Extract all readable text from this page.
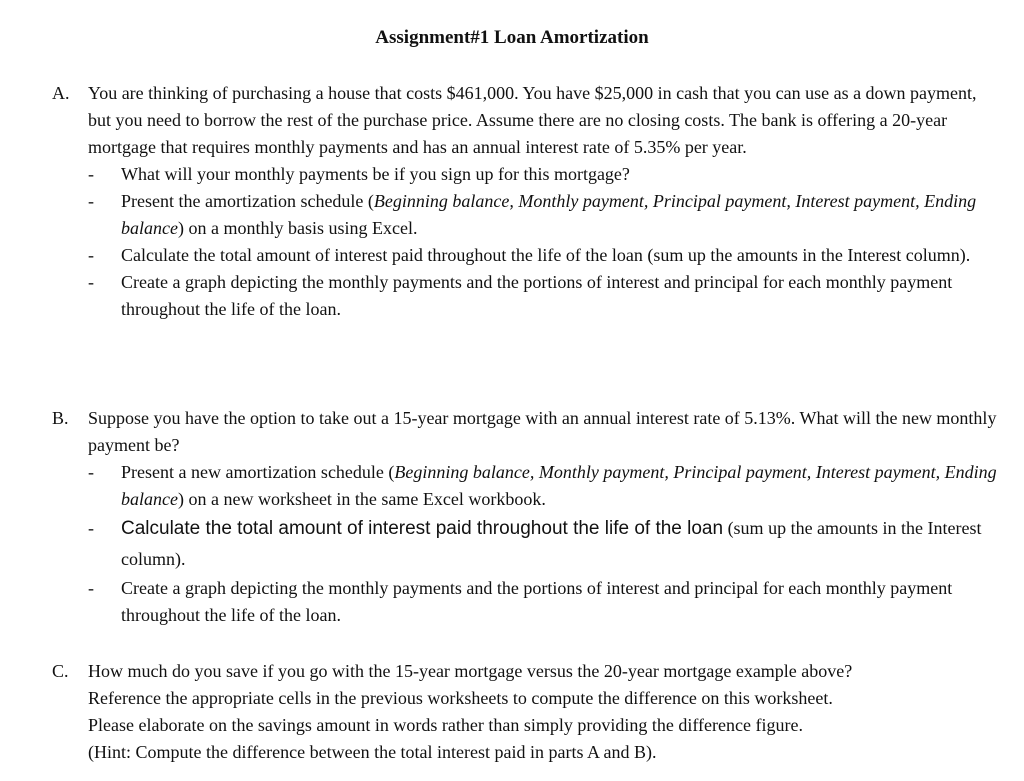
Assignment#1 Loan Amortization
A.	You are thinking of purchasing a house that costs $461,000. You have $25,000 in cash that you can use as a down payment, but you need to borrow the rest of the purchase price. Assume there are no closing costs. The bank is offering a 20-year mortgage that requires monthly payments and has an annual interest rate of 5.35% per year.
-	What will your monthly payments be if you sign up for this mortgage?
-	Present the amortization schedule (Beginning balance, Monthly payment, Principal payment, Interest payment, Ending balance) on a monthly basis using Excel.
-	Calculate the total amount of interest paid throughout the life of the loan (sum up the amounts in the Interest column).
-	Create a graph depicting the monthly payments and the portions of interest and principal for each monthly payment throughout the life of the loan.
B.	Suppose you have the option to take out a 15-year mortgage with an annual interest rate of 5.13%. What will the new monthly payment be?
-	Present a new amortization schedule (Beginning balance, Monthly payment, Principal payment, Interest payment, Ending balance) on a new worksheet in the same Excel workbook.
-	Calculate the total amount of interest paid throughout the life of the loan (sum up the amounts in the Interest column).
-	Create a graph depicting the monthly payments and the portions of interest and principal for each monthly payment throughout the life of the loan.
C.	How much do you save if you go with the 15-year mortgage versus the 20-year mortgage example above?
Reference the appropriate cells in the previous worksheets to compute the difference on this worksheet.
Please elaborate on the savings amount in words rather than simply providing the difference figure.
(Hint: Compute the difference between the total interest paid in parts A and B).
